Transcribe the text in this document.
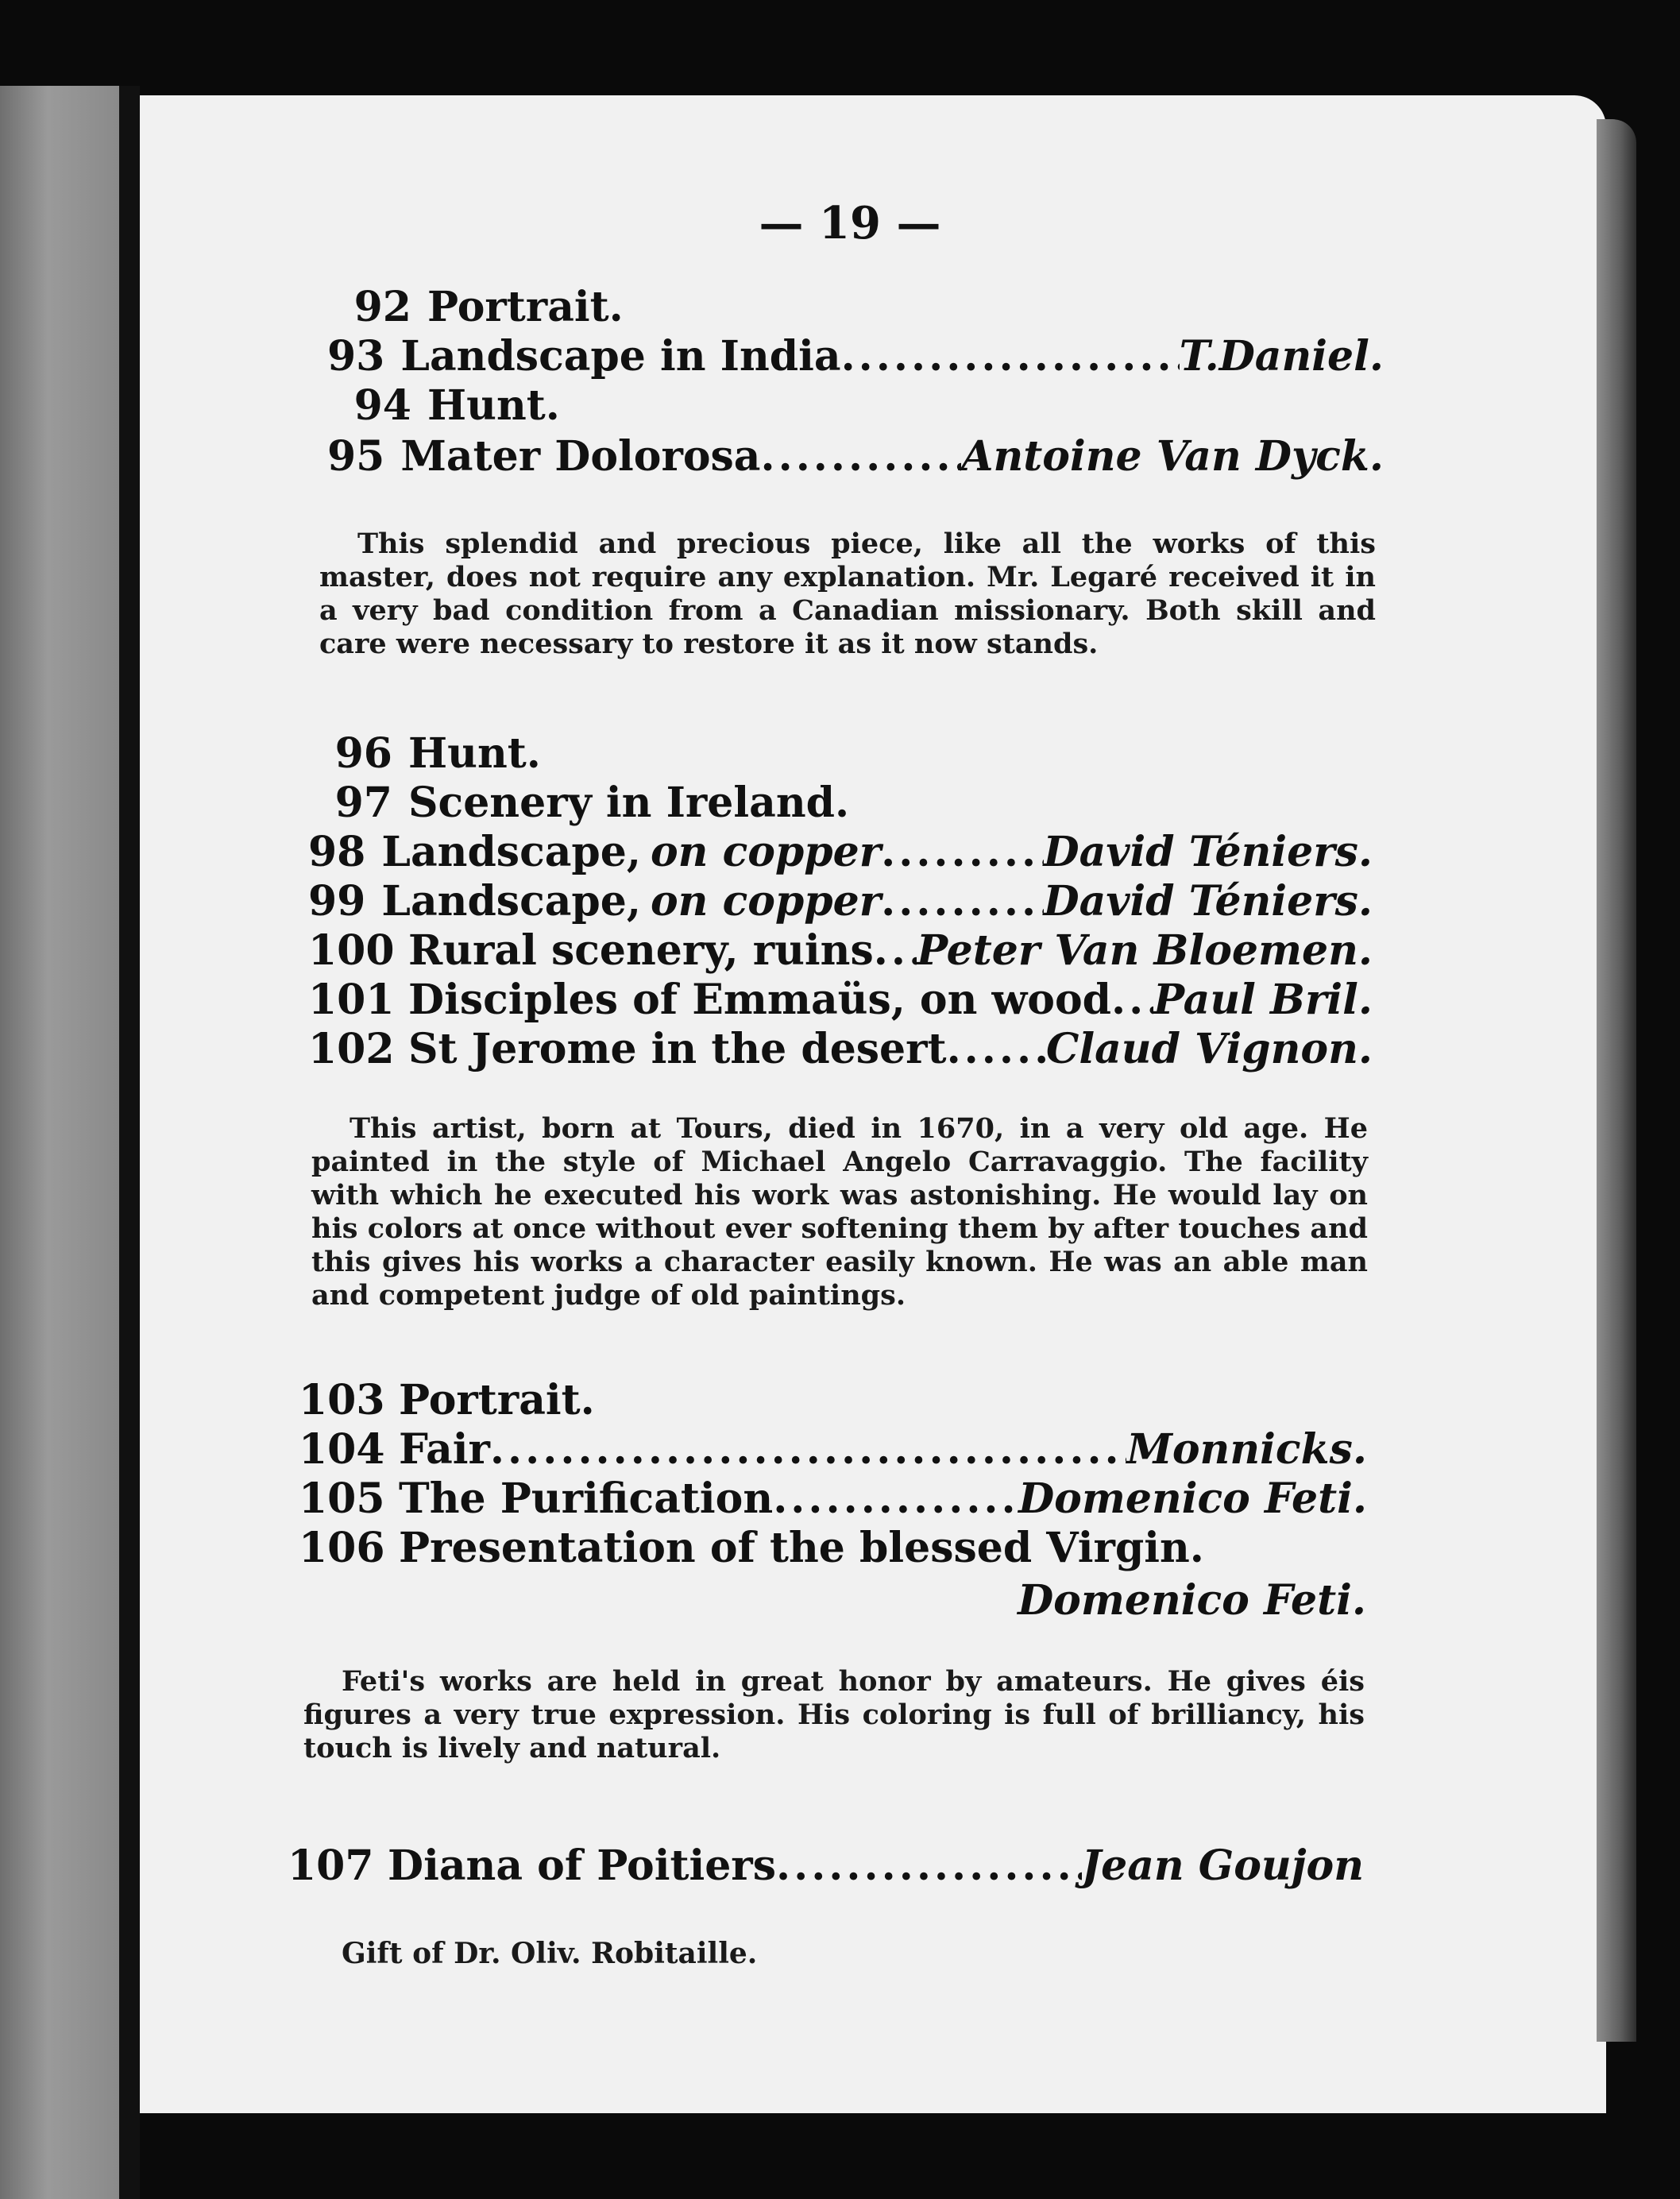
— 19 —
92 Portrait.
93 Landscape in India .....	T.Daniel.
94 Hunt.
95 Mater Dolorosa .....	Antoine Van Dyck.

This splendid and precious piece, like all the works of this master, does not require any explanation. Mr. Legaré received it in a very bad condition from a Canadian missionary. Both skill and care were necessary to restore it as it now stands.

96 Hunt.
97 Scenery in Ireland.
98 Landscape, on copper .....	David Téniers.
99 Landscape, on copper .....	David Téniers.
100 Rural scenery, ruins ..... Peter Van Bloemen.
101 Disciples of Emmaüs, on wood ..... Paul Bril.
102 St Jerome in the desert ..... Claud Vignon.

This artist, born at Tours, died in 1670, in a very old age. He painted in the style of Michael Angelo Carravaggio. The facility with which he executed his work was astonishing. He would lay on his colors at once without ever softening them by after touches and this gives his works a character easily known. He was an able man and competent judge of old paintings.

103 Portrait.
104 Fair .....	Monnicks.
105 The Purification .....	Domenico Feti.
106 Presentation of the blessed Virgin.
Domenico Feti.

Feti's works are held in great honor by amateurs. He gives éis figures a very true expression. His coloring is full of brilliancy, his touch is lively and natural.

107 Diana of Poitiers .....	Jean Goujon
Gift of Dr. Oliv. Robitaille.
